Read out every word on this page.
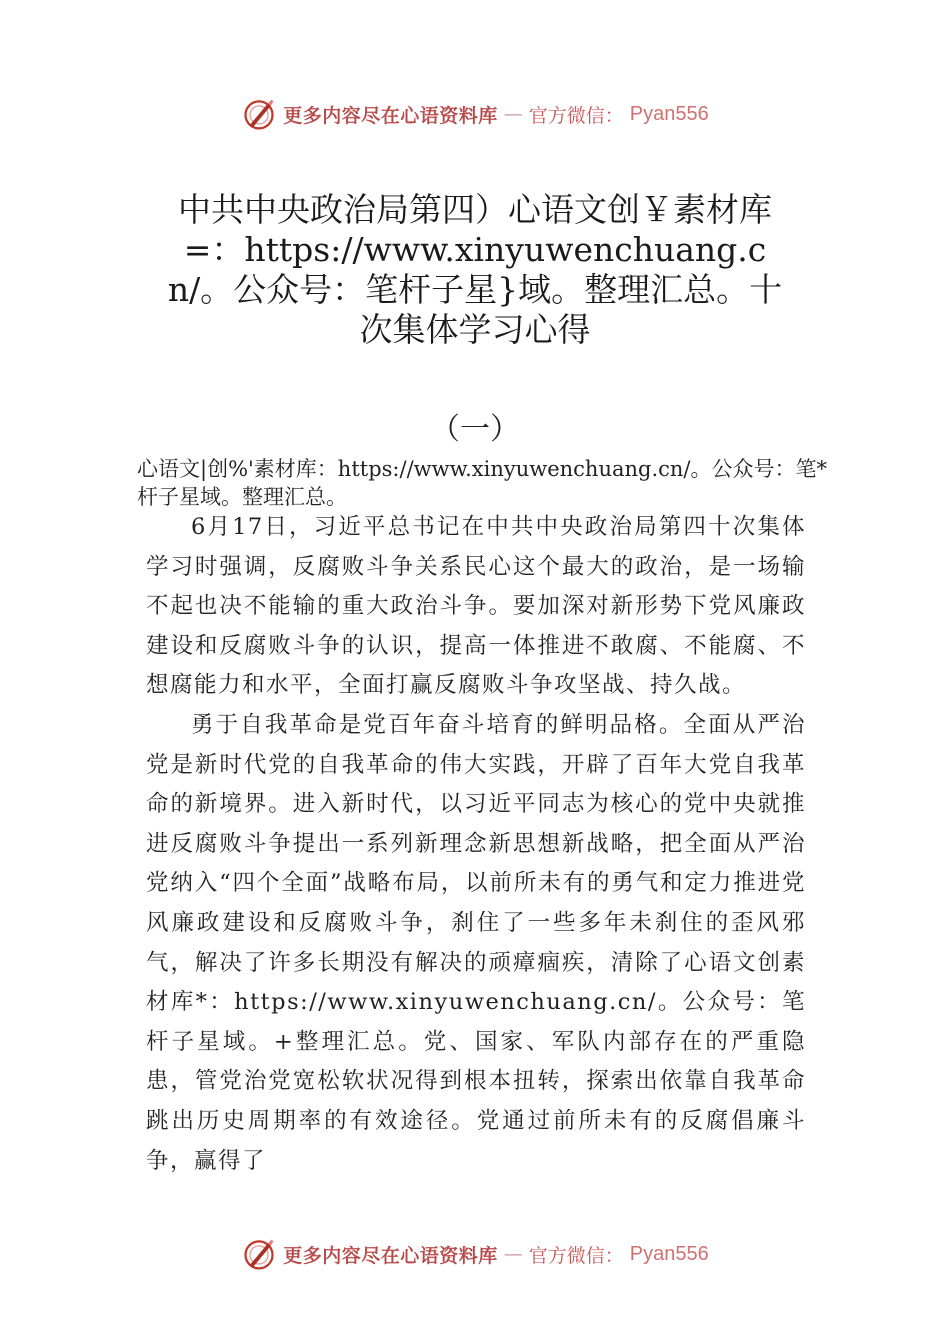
更多内容尽在心语资料库 — 官方微信： Pyan556
中共中央政治局第四）心语文创￥素材库=：https://www.xinyuwenchuang.cn/。公众号：笔杆子星}域。整理汇总。十次集体学习心得
（一）

心语文|创%'素材库：https://www.xinyuwenchuang.cn/。公众号：笔*杆子星域。整理汇总。

6月17日，习近平总书记在中共中央政治局第四十次集体学习时强调，反腐败斗争关系民心这个最大的政治，是一场输不起也决不能输的重大政治斗争。要加深对新形势下党风廉政建设和反腐败斗争的认识，提高一体推进不敢腐、不能腐、不想腐能力和水平，全面打赢反腐败斗争攻坚战、持久战。

勇于自我革命是党百年奋斗培育的鲜明品格。全面从严治党是新时代党的自我革命的伟大实践，开辟了百年大党自我革命的新境界。进入新时代，以习近平同志为核心的党中央就推进反腐败斗争提出一系列新理念新思想新战略，把全面从严治党纳入“四个全面”战略布局，以前所未有的勇气和定力推进党风廉政建设和反腐败斗争，刹住了一些多年未刹住的歪风邪气，解决了许多长期没有解决的顽瘴痼疾，清除了心语文创素材库*：https://www.xinyuwenchuang.cn/。公众号：笔杆子星域。+整理汇总。党、国家、军队内部存在的严重隐患，管党治党宽松软状况得到根本扭转，探索出依靠自我革命跳出历史周期率的有效途径。党通过前所未有的反腐倡廉斗争，赢得了

更多内容尽在心语资料库 — 官方微信： Pyan556
